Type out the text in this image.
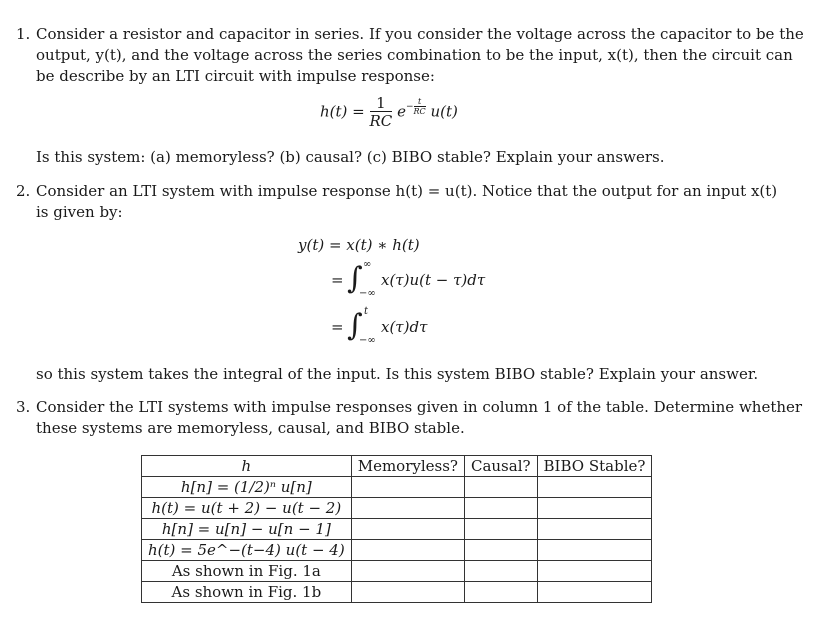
1. Consider a resistor and capacitor in series. If you consider the voltage across the capacitor to be the
output, y(t), and the voltage across the series combination to be the input, x(t), then the circuit can
be describe by an LTI circuit with impulse response:
$h(t) = \frac{1}{RC} e^{- \frac{t}{RC}}$ u(t)
Is this system: (a) memoryless? (b) causal? (c) BIBO stable? Explain your answers.
2. Consider an LTI system with impulse response h(t) = u(t). Notice that the output for an input x(t)
is given by:
y(t) = x(t) ∗ h(t)
= ∫ ∞
−∞
x(τ)u(t − τ)dτ
= ∫ t
−∞
x(τ)dτ
so this system takes the integral of the input. Is this system BIBO stable? Explain your answer.
3. Consider the LTI systems with impulse responses given in column 1 of the table. Determine whether
these systems are memoryless, causal, and BIBO stable.
h	Memoryless?	Causal?	BIBO Stable?
h[n] = (1/2)ⁿ u[n]			
h(t) = u(t + 2) − u(t − 2)			
h[n] = u[n] − u[n − 1]			
h(t) = 5e^−(t−4) u(t − 4)			
As shown in Fig. 1a			
As shown in Fig. 1b			
